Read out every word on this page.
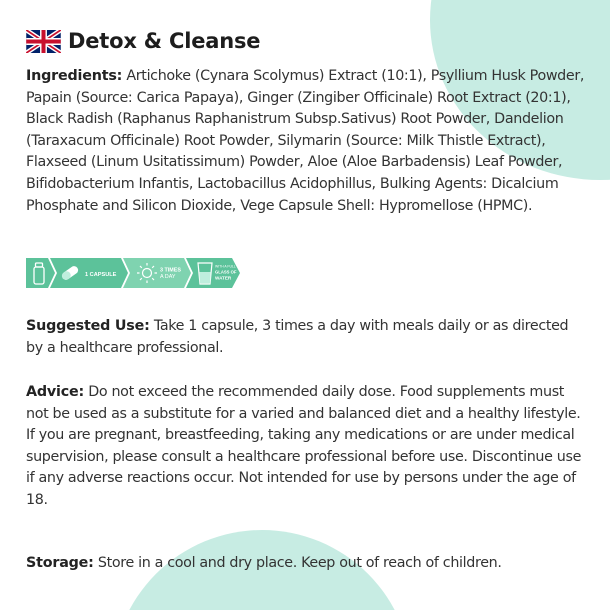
Detox & Cleanse

Ingredients: Artichoke (Cynara Scolymus) Extract (10:1), Psyllium Husk Powder, Papain (Source: Carica Papaya), Ginger (Zingiber Officinale) Root Extract (20:1), Black Radish (Raphanus Raphanistrum Subsp.Sativus) Root Powder, Dandelion (Taraxacum Officinale) Root Powder, Silymarin (Source: Milk Thistle Extract), Flaxseed (Linum Usitatissimum) Powder, Aloe (Aloe Barbadensis) Leaf Powder, Bifidobacterium Infantis, Lactobacillus Acidophillus, Bulking Agents: Dicalcium Phosphate and Silicon Dioxide, Vege Capsule Shell: Hypromellose (HPMC).

1 CAPSULE
3 TIMES
A DAY
WITH A FULL
GLASS OF
WATER

Suggested Use: Take 1 capsule, 3 times a day with meals daily or as directed by a healthcare professional.

Advice: Do not exceed the recommended daily dose. Food supplements must not be used as a substitute for a varied and balanced diet and a healthy lifestyle. If you are pregnant, breastfeeding, taking any medications or are under medical supervision, please consult a healthcare professional before use. Discontinue use if any adverse reactions occur. Not intended for use by persons under the age of 18.

Storage: Store in a cool and dry place. Keep out of reach of children.
